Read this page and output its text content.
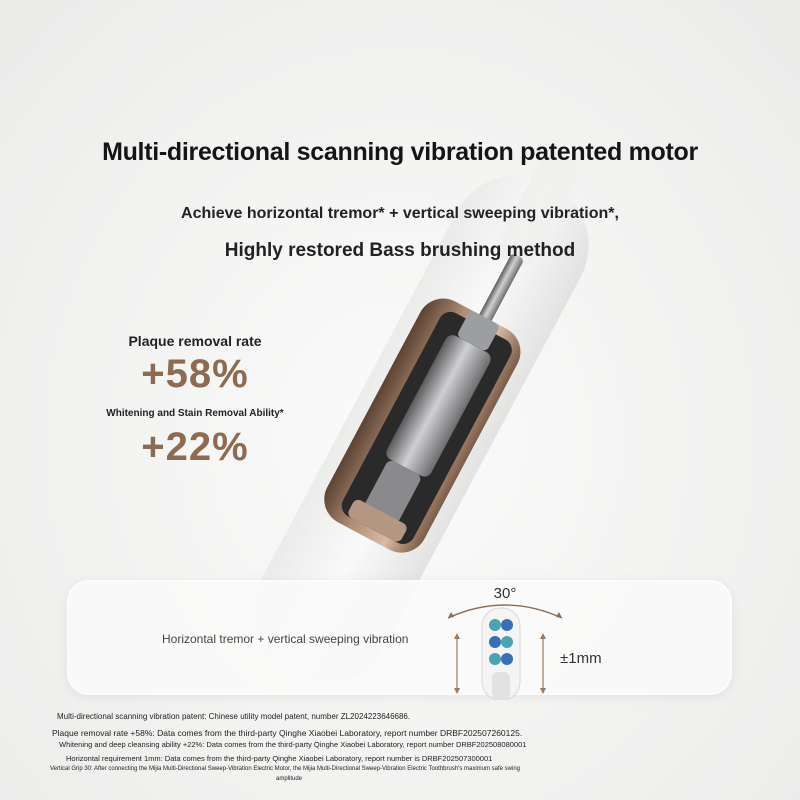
Multi-directional scanning vibration patented motor
Achieve horizontal tremor* + vertical sweeping vibration*,
Highly restored Bass brushing method
Plaque removal rate
+58%
Whitening and Stain Removal Ability*
+22%
Horizontal tremor + vertical sweeping vibration
30°
±1mm
Multi-directional scanning vibration patent: Chinese utility model patent, number ZL2024223646686.
Plaque removal rate +58%: Data comes from the third-party Qinghe Xiaobei Laboratory, report number DRBF202507260125.
Whitening and deep cleansing ability +22%: Data comes from the third-party Qinghe Xiaobei Laboratory, report number DRBF202508080001
Horizontal requirement 1mm: Data comes from the third-party Qinghe Xiaobei Laboratory, report number is DRBF202507300001
Vertical Grip 30: After connecting the Mijia Multi-Directional Sweep-Vibration Electric Motor, the Mijia Multi-Directional Sweep-Vibration Electric Toothbrush's maximum safe swing
amplitude
